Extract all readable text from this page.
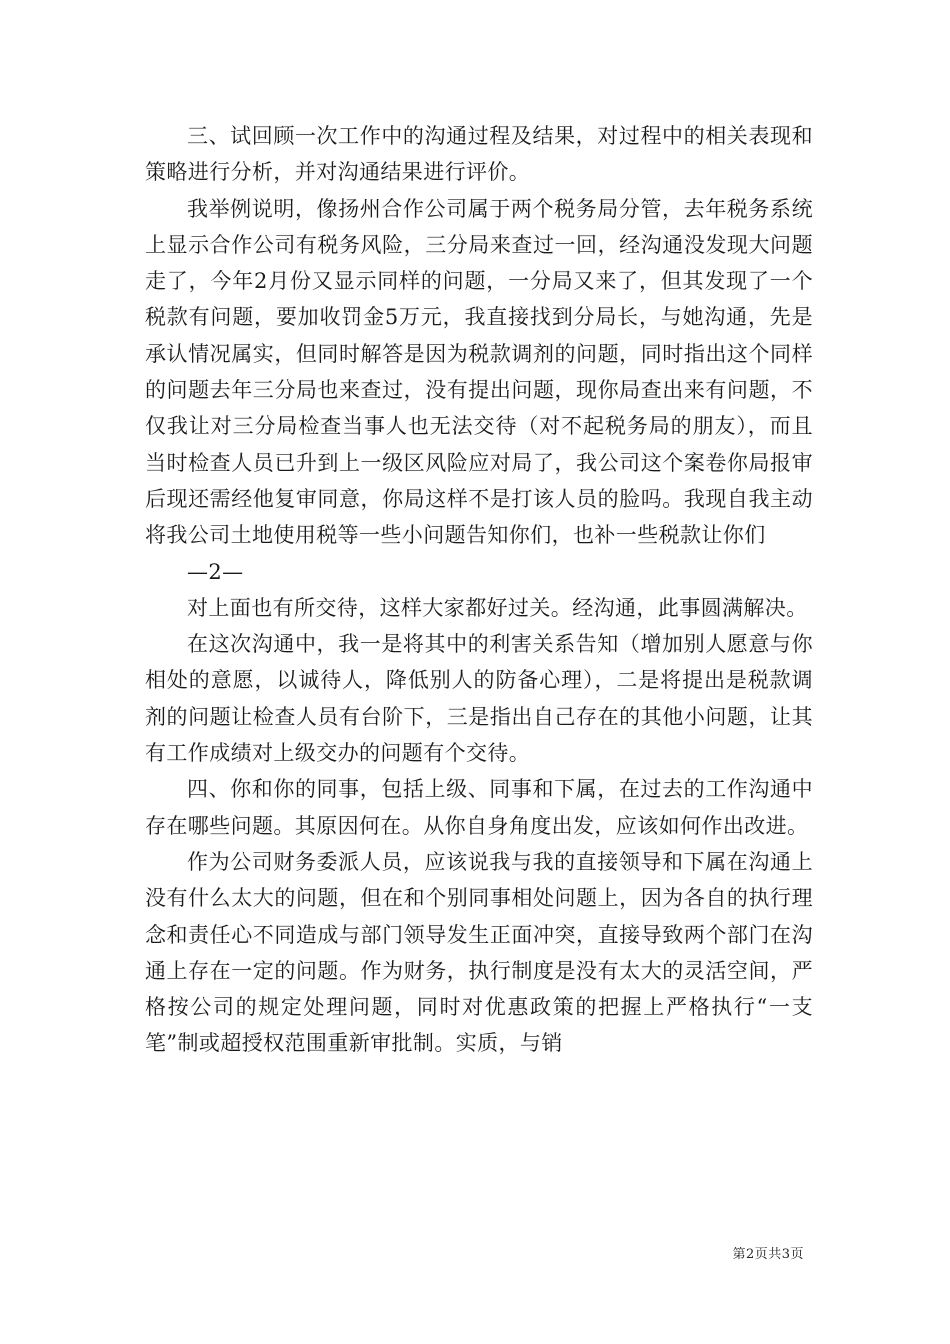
三、试回顾一次工作中的沟通过程及结果，对过程中的相关表现和策略进行分析，并对沟通结果进行评价。

我举例说明，像扬州合作公司属于两个税务局分管，去年税务系统上显示合作公司有税务风险，三分局来查过一回，经沟通没发现大问题走了，今年2月份又显示同样的问题，一分局又来了，但其发现了一个税款有问题，要加收罚金5万元，我直接找到分局长，与她沟通，先是承认情况属实，但同时解答是因为税款调剂的问题，同时指出这个同样的问题去年三分局也来查过，没有提出问题，现你局查出来有问题，不仅我让对三分局检查当事人也无法交待（对不起税务局的朋友），而且当时检查人员已升到上一级区风险应对局了，我公司这个案卷你局报审后现还需经他复审同意，你局这样不是打该人员的脸吗。我现自我主动将我公司土地使用税等一些小问题告知你们，也补一些税款让你们

—2—

对上面也有所交待，这样大家都好过关。经沟通，此事圆满解决。

在这次沟通中，我一是将其中的利害关系告知（增加别人愿意与你相处的意愿，以诚待人，降低别人的防备心理），二是将提出是税款调剂的问题让检查人员有台阶下，三是指出自己存在的其他小问题，让其有工作成绩对上级交办的问题有个交待。

四、你和你的同事，包括上级、同事和下属，在过去的工作沟通中存在哪些问题。其原因何在。从你自身角度出发，应该如何作出改进。

作为公司财务委派人员，应该说我与我的直接领导和下属在沟通上没有什么太大的问题，但在和个别同事相处问题上，因为各自的执行理念和责任心不同造成与部门领导发生正面冲突，直接导致两个部门在沟通上存在一定的问题。作为财务，执行制度是没有太大的灵活空间，严格按公司的规定处理问题，同时对优惠政策的把握上严格执行“一支笔”制或超授权范围重新审批制。实质，与销

第2页共3页
